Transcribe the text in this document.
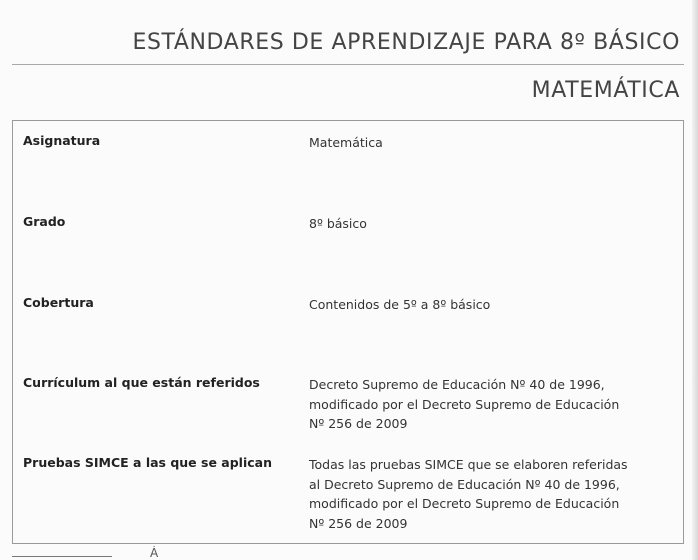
ESTÁNDARES DE APRENDIZAJE PARA 8º BÁSICO
MATEMÁTICA
Asignatura	Matemática
Grado	8º básico
Cobertura	Contenidos de 5º a 8º básico
Currículum al que están referidos	Decreto Supremo de Educación Nº 40 de 1996,
modificado por el Decreto Supremo de Educación
Nº 256 de 2009
Pruebas SIMCE a las que se aplican	Todas las pruebas SIMCE que se elaboren referidas
al Decreto Supremo de Educación Nº 40 de 1996,
modificado por el Decreto Supremo de Educación
Nº 256 de 2009
Á
